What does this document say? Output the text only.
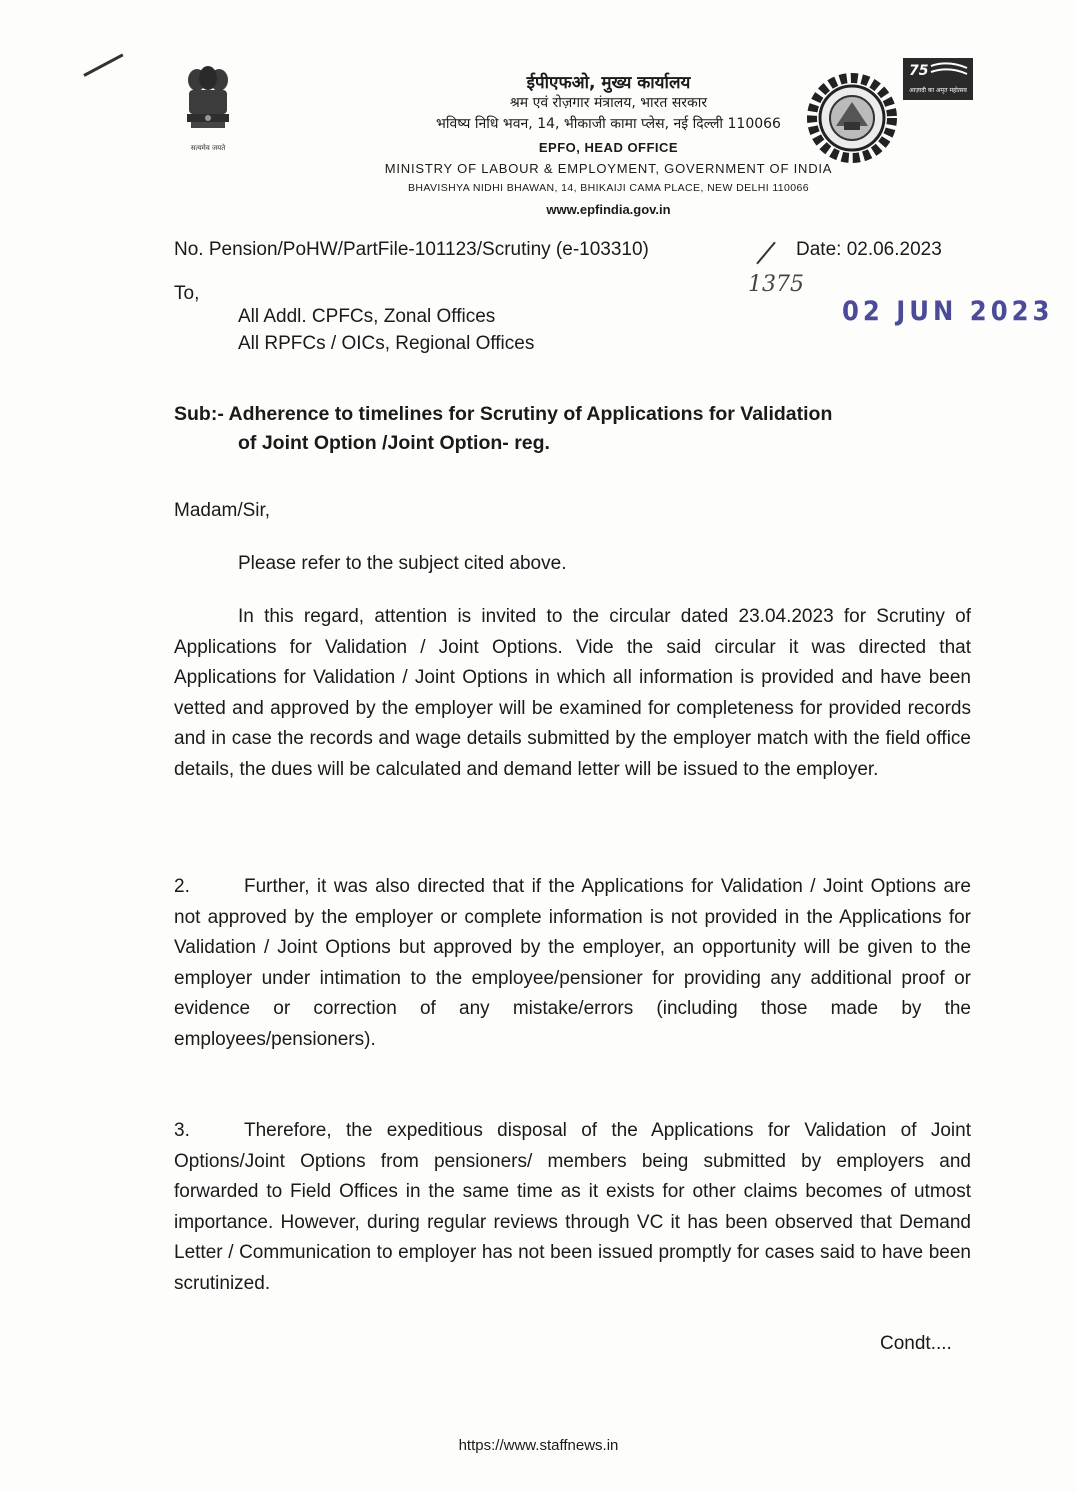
सत्यमेव जयते
ईपीएफओ, मुख्य कार्यालय
श्रम एवं रोज़गार मंत्रालय, भारत सरकार
भविष्य निधि भवन, 14, भीकाजी कामा प्लेस, नई दिल्ली 110066
EPFO, HEAD OFFICE
MINISTRY OF LABOUR & EMPLOYMENT, GOVERNMENT OF INDIA
BHAVISHYA NIDHI BHAWAN, 14, BHIKAIJI CAMA PLACE, NEW DELHI 110066
www.epfindia.gov.in
75
आज़ादी का अमृत महोत्सव
No. Pension/PoHW/PartFile-101123/Scrutiny (e-103310)	Date: 02.06.2023
1375
02 JUN 2023
To,
All Addl. CPFCs, Zonal Offices
All RPFCs / OICs, Regional Offices
Sub:- Adherence to timelines for Scrutiny of Applications for Validation
of Joint Option /Joint Option- reg.
Madam/Sir,
Please refer to the subject cited above.
In this regard, attention is invited to the circular dated 23.04.2023 for Scrutiny of Applications for Validation / Joint Options. Vide the said circular it was directed that Applications for Validation / Joint Options in which all information is provided and have been vetted and approved by the employer will be examined for completeness for provided records and in case the records and wage details submitted by the employer match with the field office details, the dues will be calculated and demand letter will be issued to the employer.
2.	Further, it was also directed that if the Applications for Validation / Joint Options are not approved by the employer or complete information is not provided in the Applications for Validation / Joint Options but approved by the employer, an opportunity will be given to the employer under intimation to the employee/pensioner for providing any additional proof or evidence or correction of any mistake/errors (including those made by the employees/pensioners).
3.	Therefore, the expeditious disposal of the Applications for Validation of Joint Options/Joint Options from pensioners/ members being submitted by employers and forwarded to Field Offices in the same time as it exists for other claims becomes of utmost importance. However, during regular reviews through VC it has been observed that Demand Letter / Communication to employer has not been issued promptly for cases said to have been scrutinized.
Condt....
https://www.staffnews.in
